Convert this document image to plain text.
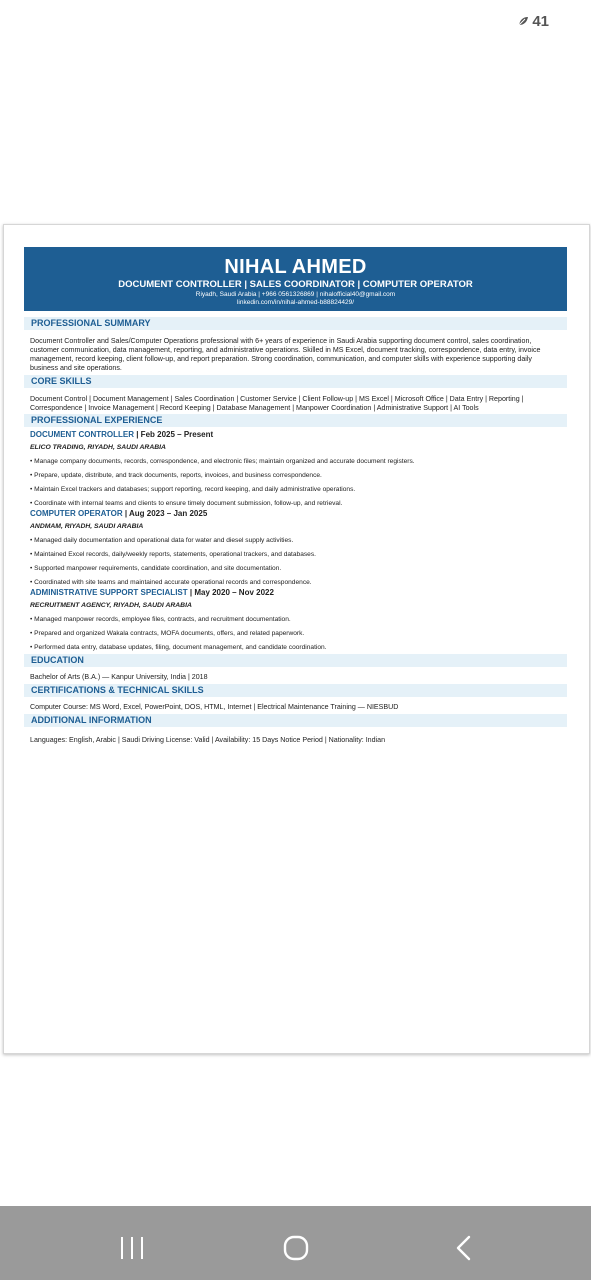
41
NIHAL AHMED
DOCUMENT CONTROLLER | SALES COORDINATOR | COMPUTER OPERATOR
Riyadh, Saudi Arabia | +966 0561326869 | nihalofficial40@gmail.com
linkedin.com/in/nihal-ahmed-b88824429/
PROFESSIONAL SUMMARY
Document Controller and Sales/Computer Operations professional with 6+ years of experience in Saudi Arabia supporting document control, sales coordination, customer communication, data management, reporting, and administrative operations. Skilled in MS Excel, document tracking, correspondence, data entry, invoice management, record keeping, client follow-up, and report preparation. Strong coordination, communication, and computer skills with experience supporting daily business and site operations.
CORE SKILLS
Document Control | Document Management | Sales Coordination | Customer Service | Client Follow-up | MS Excel | Microsoft Office | Data Entry | Reporting | Correspondence | Invoice Management | Record Keeping | Database Management | Manpower Coordination | Administrative Support | AI Tools
PROFESSIONAL EXPERIENCE
DOCUMENT CONTROLLER | Feb 2025 – Present
ELICO TRADING, RIYADH, SAUDI ARABIA
• Manage company documents, records, correspondence, and electronic files; maintain organized and accurate document registers.
• Prepare, update, distribute, and track documents, reports, invoices, and business correspondence.
• Maintain Excel trackers and databases; support reporting, record keeping, and daily administrative operations.
• Coordinate with internal teams and clients to ensure timely document submission, follow-up, and retrieval.
COMPUTER OPERATOR | Aug 2023 – Jan 2025
ANDMAM, RIYADH, SAUDI ARABIA
• Managed daily documentation and operational data for water and diesel supply activities.
• Maintained Excel records, daily/weekly reports, statements, operational trackers, and databases.
• Supported manpower requirements, candidate coordination, and site documentation.
• Coordinated with site teams and maintained accurate operational records and correspondence.
ADMINISTRATIVE SUPPORT SPECIALIST | May 2020 – Nov 2022
RECRUITMENT AGENCY, RIYADH, SAUDI ARABIA
• Managed manpower records, employee files, contracts, and recruitment documentation.
• Prepared and organized Wakala contracts, MOFA documents, offers, and related paperwork.
• Performed data entry, database updates, filing, document management, and candidate coordination.
EDUCATION
Bachelor of Arts (B.A.) — Kanpur University, India | 2018
CERTIFICATIONS & TECHNICAL SKILLS
Computer Course: MS Word, Excel, PowerPoint, DOS, HTML, Internet | Electrical Maintenance Training — NIESBUD
ADDITIONAL INFORMATION
Languages: English, Arabic | Saudi Driving License: Valid | Availability: 15 Days Notice Period | Nationality: Indian
